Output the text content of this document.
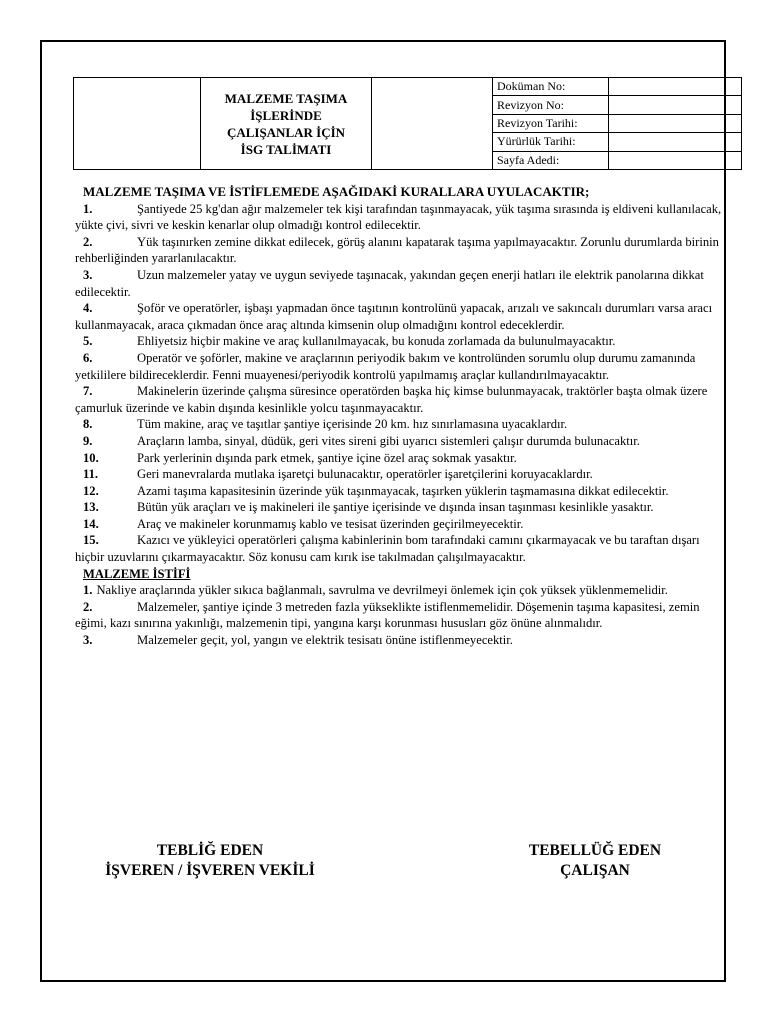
	MALZEME TAŞIMA
İŞLERİNDE
ÇALIŞANLAR İÇİN
İSG TALİMATI		Doküman No:	
			Revizyon No:	
			Revizyon Tarihi:	
			Yürürlük Tarihi:	
			Sayfa Adedi:	

MALZEME TAŞIMA VE İSTİFLEMEDE AŞAĞIDAKİ KURALLARA UYULACAKTIR;

1.	Şantiyede 25 kg'dan ağır malzemeler tek kişi tarafından taşınmayacak, yük taşıma sırasında iş eldiveni kullanılacak, yükte çivi, sivri ve keskin kenarlar olup olmadığı kontrol edilecektir.

2.	Yük taşınırken zemine dikkat edilecek, görüş alanını kapatarak taşıma yapılmayacaktır. Zorunlu durumlarda birinin rehberliğinden yararlanılacaktır.

3.	Uzun malzemeler yatay ve uygun seviyede taşınacak, yakından geçen enerji hatları ile elektrik panolarına dikkat edilecektir.

4.	Şoför ve operatörler, işbaşı yapmadan önce taşıtının kontrolünü yapacak, arızalı ve sakıncalı durumları varsa aracı kullanmayacak, araca çıkmadan önce araç altında kimsenin olup olmadığını kontrol edeceklerdir.

5.	Ehliyetsiz hiçbir makine ve araç kullanılmayacak, bu konuda zorlamada da bulunulmayacaktır.

6.	Operatör ve şoförler, makine ve araçlarının periyodik bakım ve kontrolünden sorumlu olup durumu zamanında yetkililere bildireceklerdir. Fenni muayenesi/periyodik kontrolü yapılmamış araçlar kullandırılmayacaktır.

7.	Makinelerin üzerinde çalışma süresince operatörden başka hiç kimse bulunmayacak, traktörler başta olmak üzere çamurluk üzerinde ve kabin dışında kesinlikle yolcu taşınmayacaktır.

8.	Tüm makine, araç ve taşıtlar şantiye içerisinde 20 km. hız sınırlamasına uyacaklardır.

9.	Araçların lamba, sinyal, düdük, geri vites sireni gibi uyarıcı sistemleri çalışır durumda bulunacaktır.

10.	Park yerlerinin dışında park etmek, şantiye içine özel araç sokmak yasaktır.

11.	Geri manevralarda mutlaka işaretçi bulunacaktır, operatörler işaretçilerini koruyacaklardır.

12.	Azami taşıma kapasitesinin üzerinde yük taşınmayacak, taşırken yüklerin taşmamasına dikkat edilecektir.

13.	Bütün yük araçları ve iş makineleri ile şantiye içerisinde ve dışında insan taşınması kesinlikle yasaktır.

14.	Araç ve makineler korunmamış kablo ve tesisat üzerinden geçirilmeyecektir.

15.	Kazıcı ve yükleyici operatörleri çalışma kabinlerinin bom tarafındaki camını çıkarmayacak ve bu taraftan dışarı hiçbir uzuvlarını çıkarmayacaktır. Söz konusu cam kırık ise takılmadan çalışılmayacaktır.

MALZEME İSTİFİ

1. Nakliye araçlarında yükler sıkıca bağlanmalı, savrulma ve devrilmeyi önlemek için çok yüksek yüklenmemelidir.

2.	Malzemeler, şantiye içinde 3 metreden fazla yükseklikte istiflenmemelidir. Döşemenin taşıma kapasitesi, zemin eğimi, kazı sınırına yakınlığı, malzemenin tipi, yangına karşı korunması hususları göz önüne alınmalıdır.

3.	Malzemeler geçit, yol, yangın ve elektrik tesisatı önüne istiflenmeyecektir.

TEBLİĞ EDEN
İŞVEREN / İŞVEREN VEKİLİ
TEBELLÜĞ EDEN
ÇALIŞAN
